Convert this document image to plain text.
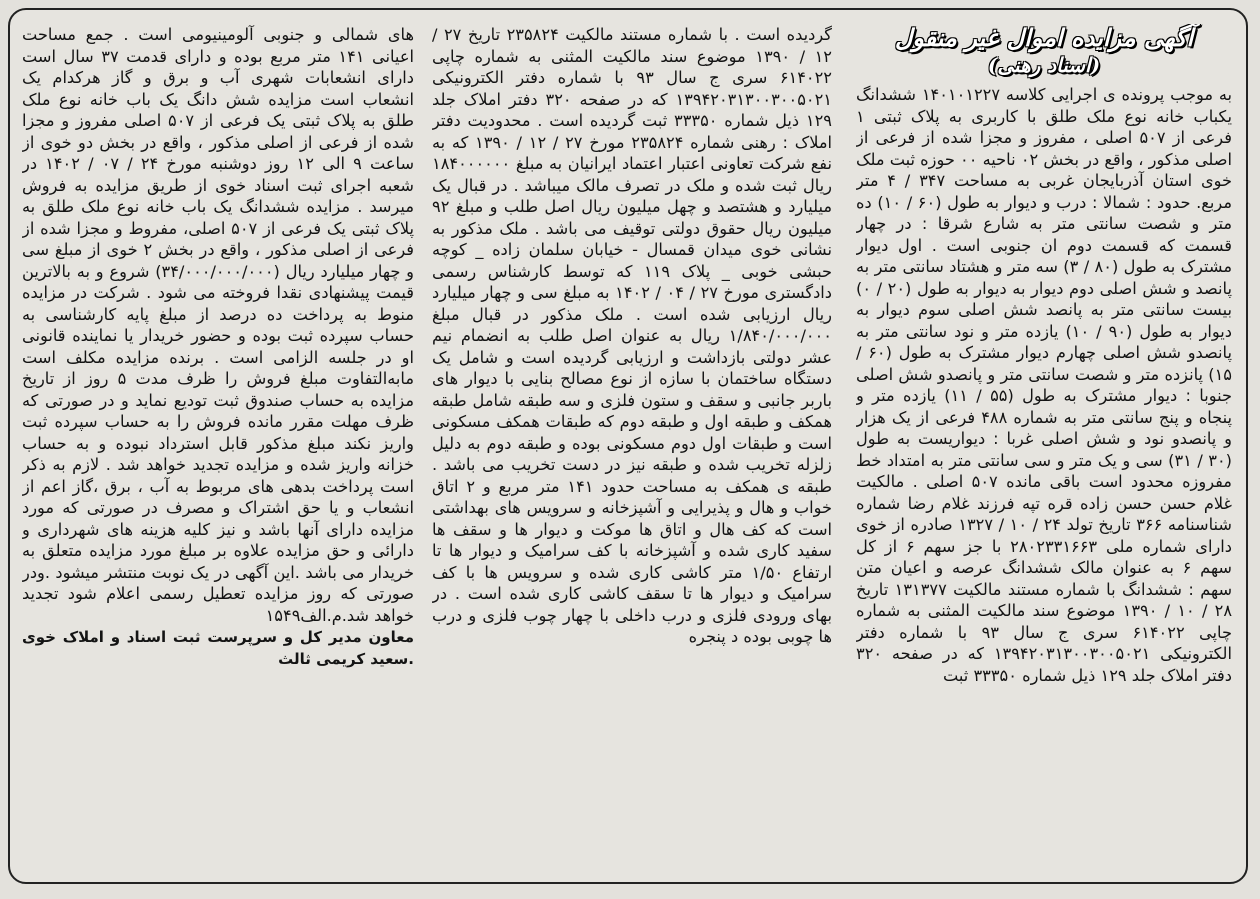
آگهی مزایده اموال غیر منقول
(اسناد رهنی)

به موجب پرونده ی اجرایی کلاسه ۱۴۰۱۰۱۲۲۷ ششدانگ یکباب خانه نوع ملک طلق با کاربری به پلاک ثبتی ۱ فرعی از ۵۰۷ اصلی ، مفروز و مجزا شده از فرعی از اصلی مذکور ، واقع در بخش ۰۲ ناحیه ۰۰ حوزه ثبت ملک خوی استان آذربایجان غربی به مساحت ۳۴۷ / ۴ متر مربع. حدود : شمالا : درب و دیوار به طول (۶۰ / ۱۰) ده متر و شصت سانتی متر به شارع شرقا : در چهار قسمت که قسمت دوم ان جنوبی است . اول دیوار مشترک به طول (۸۰ / ۳) سه متر و هشتاد سانتی متر به پانصد و شش اصلی دوم دیوار به دیوار به طول (۲۰ / ۰) بیست سانتی متر به پانصد شش اصلی سوم دیوار به دیوار به طول (۹۰ / ۱۰) یازده متر و نود سانتی متر به پانصدو شش اصلی چهارم دیوار مشترک به طول (۶۰ / ۱۵) پانزده متر و شصت سانتی متر و پانصدو شش اصلی جنوبا : دیوار مشترک به طول (۵۵ / ۱۱) یازده متر و پنجاه و پنج سانتی متر به شماره ۴۸۸ فرعی از یک هزار و پانصدو نود و شش اصلی غربا : دیواریست به طول (۳۰ / ۳۱) سی و یک متر و سی سانتی متر به امتداد خط مفروزه محدود است باقی مانده ۵۰۷ اصلی . مالکیت غلام حسن حسن زاده قره تپه فرزند غلام رضا شماره شناسنامه ۳۶۶ تاریخ تولد ۲۴ / ۱۰ / ۱۳۲۷ صادره از خوی دارای شماره ملی ۲۸۰۲۳۳۱۶۶۳ با جز سهم ۶ از کل سهم ۶ به عنوان مالک ششدانگ عرصه و اعیان متن سهم : ششدانگ با شماره مستند مالکیت ۱۳۱۳۷۷ تاریخ ۲۸ / ۱۰ / ۱۳۹۰ موضوع سند مالکیت المثنی به شماره چاپی ۶۱۴۰۲۲ سری ج سال ۹۳ با شماره دفتر الکترونیکی ۱۳۹۴۲۰۳۱۳۰۰۳۰۰۵۰۲۱ که در صفحه ۳۲۰ دفتر املاک جلد ۱۲۹ ذیل شماره ۳۳۳۵۰ ثبت

گردیده است . با شماره مستند مالکیت ۲۳۵۸۲۴ تاریخ ۲۷ / ۱۲ / ۱۳۹۰ موضوع سند مالکیت المثنی به شماره چاپی ۶۱۴۰۲۲ سری ج سال ۹۳ با شماره دفتر الکترونیکی ۱۳۹۴۲۰۳۱۳۰۰۳۰۰۵۰۲۱ که در صفحه ۳۲۰ دفتر املاک جلد ۱۲۹ ذیل شماره ۳۳۳۵۰ ثبت گردیده است . محدودیت دفتر املاک : رهنی شماره ۲۳۵۸۲۴ مورخ ۲۷ / ۱۲ / ۱۳۹۰ که به نفع شرکت تعاونی اعتبار اعتماد ایرانیان به مبلغ ۱۸۴۰۰۰۰۰۰ ریال ثبت شده و ملک در تصرف مالک میباشد . در قبال یک میلیارد و هشتصد و چهل میلیون ریال اصل طلب و مبلغ ۹۲ میلیون ریال حقوق دولتی توقیف می باشد . ملک مذکور به نشانی خوی میدان قمسال - خیابان سلمان زاده _ کوچه حبشی خوبی _ پلاک ۱۱۹ که توسط کارشناس رسمی دادگستری مورخ ۲۷ / ۰۴ / ۱۴۰۲ به مبلغ سی و چهار میلیارد ریال ارزیابی شده است . ملک مذکور در قبال مبلغ ۱/۸۴۰/۰۰۰/۰۰۰ ریال به عنوان اصل طلب به انضمام نیم عشر دولتی بازداشت و ارزیابی گردیده است و شامل یک دستگاه ساختمان با سازه از نوع مصالح بنایی با دیوار های باربر جانبی و سقف و ستون فلزی و سه طبقه شامل طبقه همکف و طبقه اول و طبقه دوم که طبقات همکف مسکونی است و طبقات اول دوم مسکونی بوده و طبقه دوم به دلیل زلزله تخریب شده و طبقه نیز در دست تخریب می باشد . طبقه ی همکف به مساحت حدود ۱۴۱ متر مربع و ۲ اتاق خواب و هال و پذیرایی و آشپزخانه و سرویس های بهداشتی است که کف هال و اتاق ها موکت و دیوار ها و سقف ها سفید کاری شده و آشپزخانه با کف سرامیک و دیوار ها تا ارتفاع ۱/۵۰ متر کاشی کاری شده و سرویس ها با کف سرامیک و دیوار ها تا سقف کاشی کاری شده است . در بهای ورودی فلزی و درب داخلی با چهار چوب فلزی و درب ها چوبی بوده د پنجره

های شمالی و جنوبی آلومینیومی است . جمع مساحت اعیانی ۱۴۱ متر مربع بوده و دارای قدمت ۳۷ سال است دارای انشعابات شهری آب و برق و گاز هرکدام یک انشعاب است مزایده شش دانگ یک باب خانه نوع ملک طلق به پلاک ثبتی یک فرعی از ۵۰۷ اصلی مفروز و مجزا شده از فرعی از اصلی مذکور ، واقع در بخش دو خوی از ساعت ۹ الی ۱۲ روز دوشنبه مورخ ۲۴ / ۰۷ / ۱۴۰۲ در شعبه اجرای ثبت اسناد خوی از طریق مزایده به فروش میرسد . مزایده ششدانگ یک باب خانه نوع ملک طلق به پلاک ثبتی یک فرعی از ۵۰۷ اصلی، مفروط و مجزا شده از فرعی از اصلی مذکور ، واقع در بخش ۲ خوی از مبلغ سی و چهار میلیارد ریال (۳۴/۰۰۰/۰۰۰/۰۰۰) شروع و به بالاترین قیمت پیشنهادی نقدا فروخته می شود . شرکت در مزایده منوط به پرداخت ده درصد از مبلغ پایه کارشناسی به حساب سپرده ثبت بوده و حضور خریدار یا نماینده قانونی او در جلسه الزامی است . برنده مزایده مکلف است مابه‌التفاوت مبلغ فروش را ظرف مدت ۵ روز از تاریخ مزایده به حساب صندوق ثبت تودیع نماید و در صورتی که ظرف مهلت مقرر مانده فروش را به حساب سپرده ثبت واریز نکند مبلغ مذکور قابل استرداد نبوده و به حساب خزانه واریز شده و مزایده تجدید خواهد شد . لازم به ذکر است پرداخت بدهی های مربوط به آب ، برق ،گاز اعم از انشعاب و یا حق اشتراک و مصرف در صورتی که مورد مزایده دارای آنها باشد و نیز کلیه هزینه های شهرداری و دارائی و حق مزایده علاوه بر مبلغ مورد مزایده متعلق به خریدار می باشد .این آگهی در یک نوبت منتشر میشود .ودر صورتی که روز مزایده تعطیل رسمی اعلام شود تجدید خواهد شد.م.الف۱۵۴۹

معاون مدیر کل و سرپرست ثبت اسناد و املاک خوی .سعید کریمی ثالث
